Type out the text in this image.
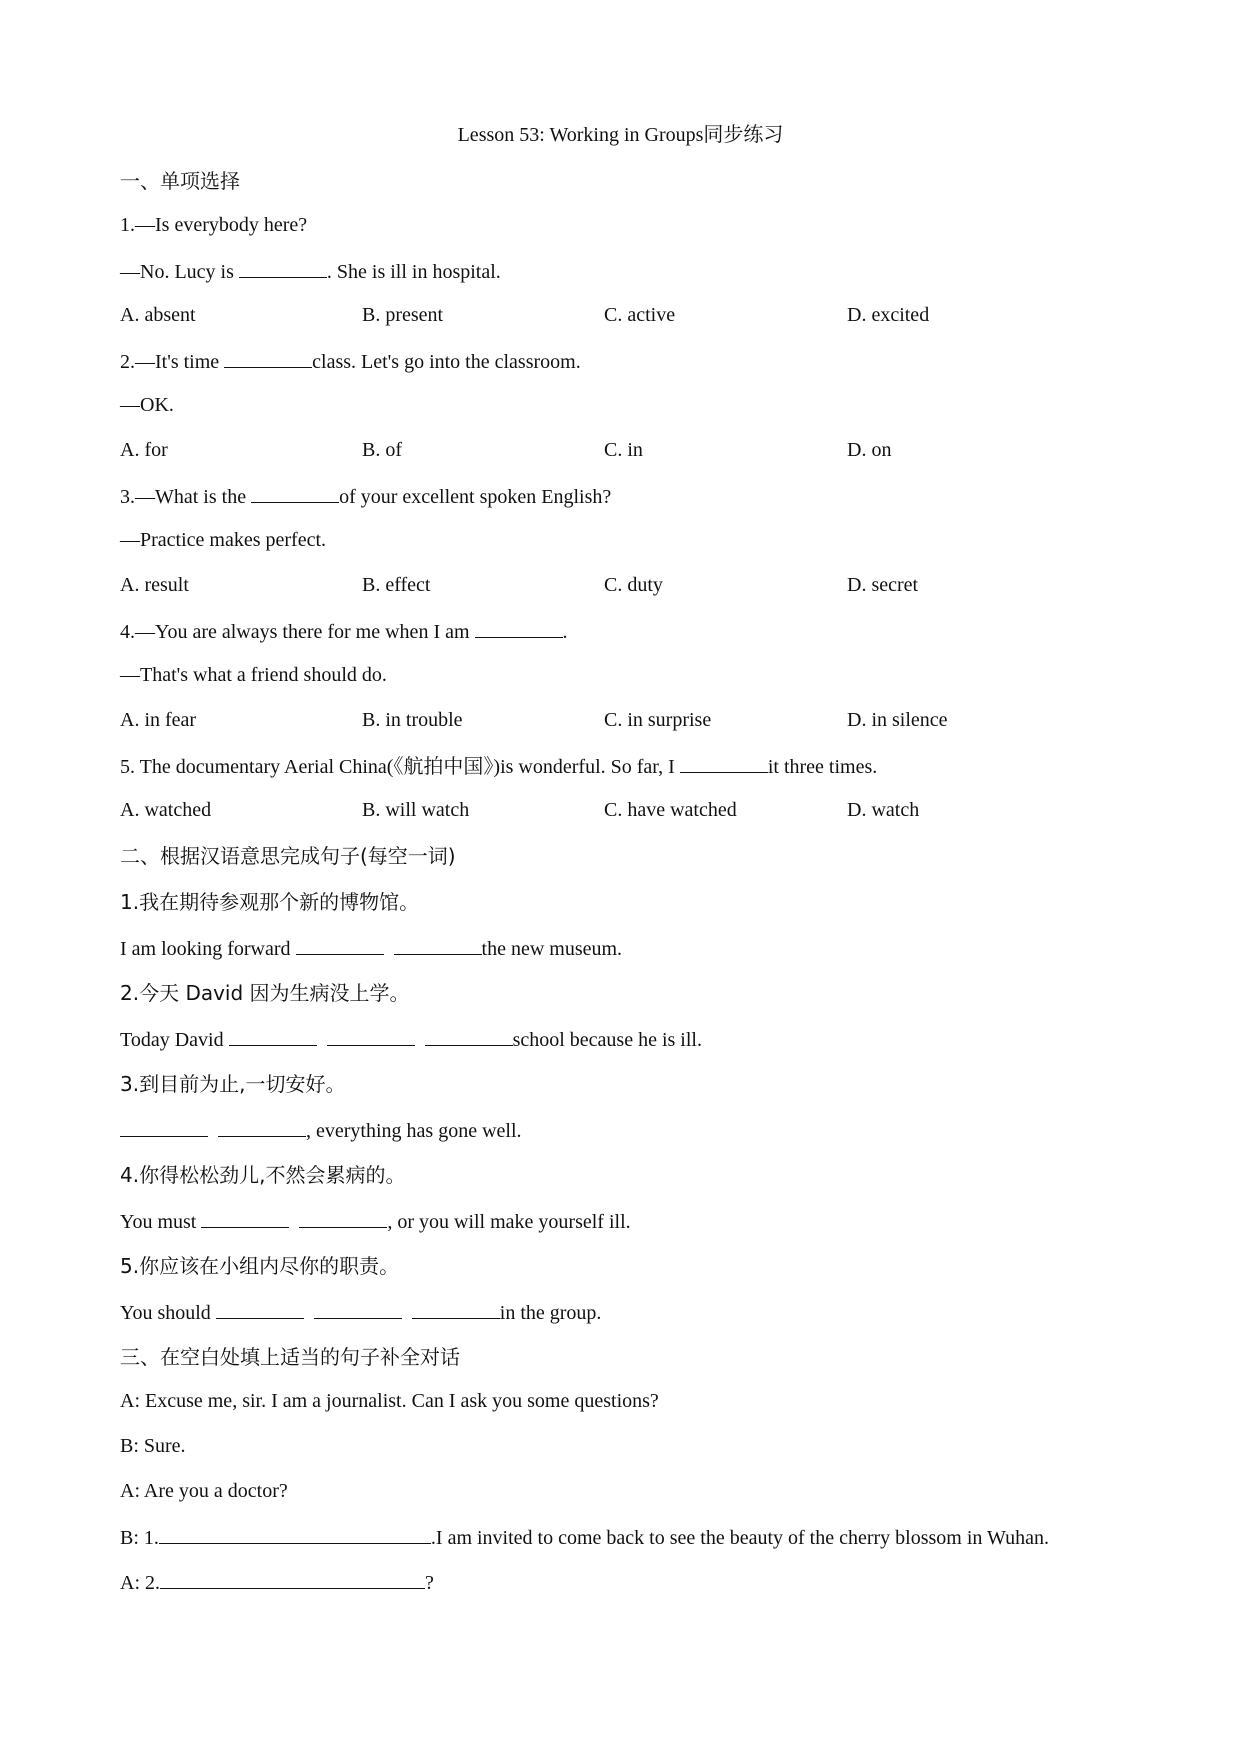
Lesson 53: Working in Groups同步练习
一、单项选择
1.—Is everybody here?
—No. Lucy is	. She is ill in hospital.
A. absent	B. present	C. active	D. excited
2.—It's time	class. Let's go into the classroom.
—OK.
A. for	B. of	C. in	D. on
3.—What is the	of your excellent spoken English?
—Practice makes perfect.
A. result	B. effect	C. duty	D. secret
4.—You are always there for me when I am	.
—That's what a friend should do.
A. in fear	B. in trouble	C. in surprise	D. in silence
5. The documentary Aerial China(《航拍中国》)is wonderful. So far, I	it three times.
A. watched	B. will watch	C. have watched	D. watch
二、根据汉语意思完成句子(每空一词)
1.我在期待参观那个新的博物馆。
I am looking forward	the new museum.
2.今天 David 因为生病没上学。
Today David	school because he is ill.
3.到目前为止,一切安好。
, everything has gone well.
4.你得松松劲儿,不然会累病的。
You must	, or you will make yourself ill.
5.你应该在小组内尽你的职责。
You should	in the group.
三、在空白处填上适当的句子补全对话
A: Excuse me, sir. I am a journalist. Can I ask you some questions?
B: Sure.
A: Are you a doctor?
B: 1.	.I am invited to come back to see the beauty of the cherry blossom in Wuhan.
A: 2.	?
